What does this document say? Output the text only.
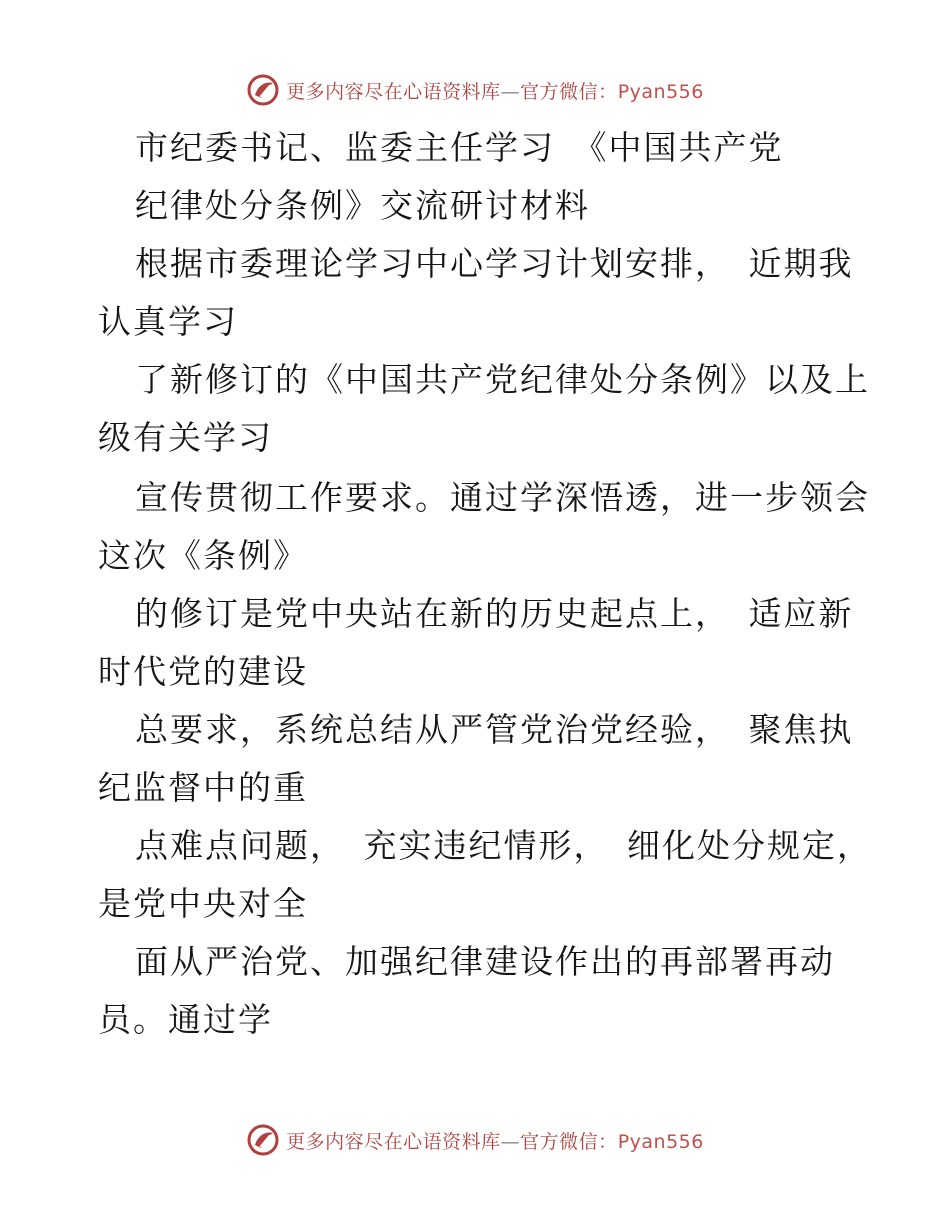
更多内容尽在心语资料库—官方微信：Pyan556
市纪委书记、监委主任学习　《中国共产党
纪律处分条例》交流研讨材料
根据市委理论学习中心学习计划安排，　近期我
认真学习
了新修订的《中国共产党纪律处分条例》以及上
级有关学习
宣传贯彻工作要求。通过学深悟透，进一步领会
这次《条例》
的修订是党中央站在新的历史起点上，　适应新
时代党的建设
总要求，系统总结从严管党治党经验，　聚焦执
纪监督中的重
点难点问题，　充实违纪情形，　细化处分规定，
是党中央对全
面从严治党、加强纪律建设作出的再部署再动
员。通过学
更多内容尽在心语资料库—官方微信：Pyan556
